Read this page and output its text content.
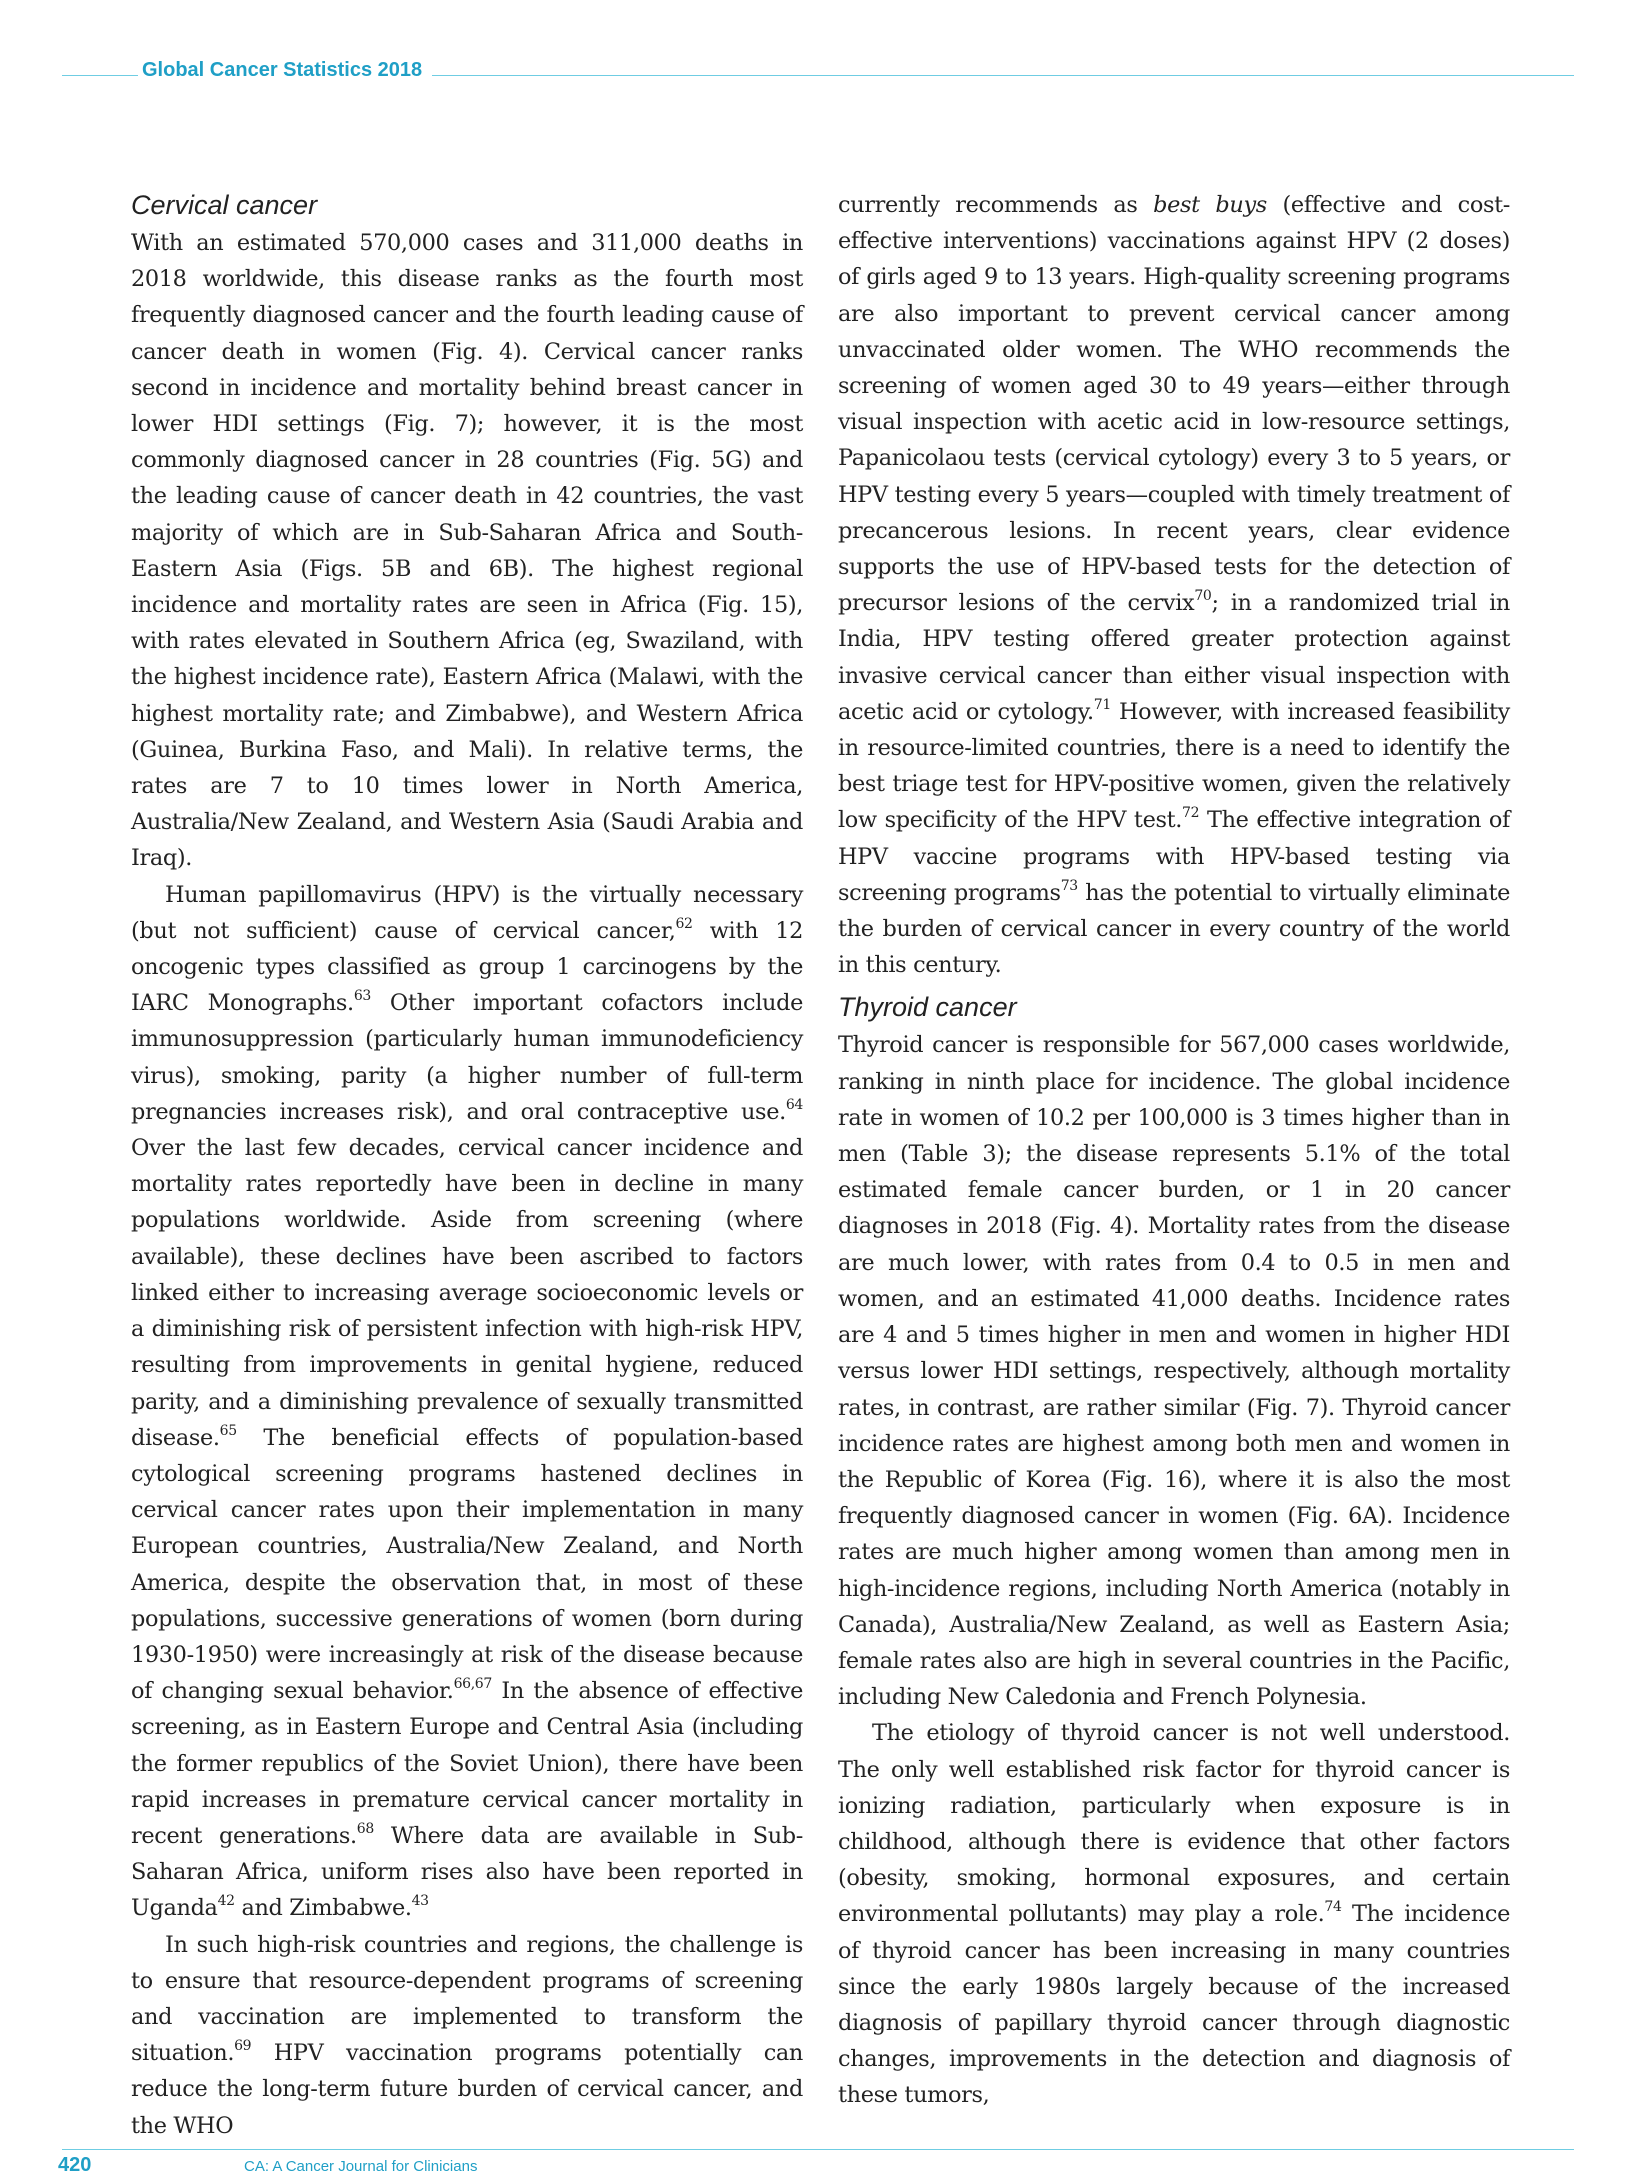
Global Cancer Statistics 2018
Cervical cancer

With an estimated 570,000 cases and 311,000 deaths in 2018 worldwide, this disease ranks as the fourth most frequently diagnosed cancer and the fourth leading cause of cancer death in women (Fig. 4). Cervical cancer ranks second in incidence and mortality behind breast cancer in lower HDI settings (Fig. 7); however, it is the most commonly diagnosed cancer in 28 countries (Fig. 5G) and the leading cause of cancer death in 42 countries, the vast majority of which are in Sub-Saharan Africa and South-Eastern Asia (Figs. 5B and 6B). The highest regional incidence and mortality rates are seen in Africa (Fig. 15), with rates elevated in Southern Africa (eg, Swaziland, with the highest incidence rate), Eastern Africa (Malawi, with the highest mortality rate; and Zimbabwe), and Western Africa (Guinea, Burkina Faso, and Mali). In relative terms, the rates are 7 to 10 times lower in North America, Australia/New Zealand, and Western Asia (Saudi Arabia and Iraq).

Human papillomavirus (HPV) is the virtually necessary (but not sufficient) cause of cervical cancer,$^{62}$ with 12 oncogenic types classified as group 1 carcinogens by the IARC Monographs.$^{63}$ Other important cofactors include immunosuppression (particularly human immunodeficiency virus), smoking, parity (a higher number of full-term pregnancies increases risk), and oral contraceptive use.$^{64}$ Over the last few decades, cervical cancer incidence and mortality rates reportedly have been in decline in many populations worldwide. Aside from screening (where available), these declines have been ascribed to factors linked either to increasing average socioeconomic levels or a diminishing risk of persistent infection with high-risk HPV, resulting from improvements in genital hygiene, reduced parity, and a diminishing prevalence of sexually transmitted disease.$^{65}$ The beneficial effects of population-based cytological screening programs hastened declines in cervical cancer rates upon their implementation in many European countries, Australia/New Zealand, and North America, despite the observation that, in most of these populations, successive generations of women (born during 1930-1950) were increasingly at risk of the disease because of changing sexual behavior.$^{66,67}$ In the absence of effective screening, as in Eastern Europe and Central Asia (including the former republics of the Soviet Union), there have been rapid increases in premature cervical cancer mortality in recent generations.$^{68}$ Where data are available in Sub-Saharan Africa, uniform rises also have been reported in Uganda$^{42}$ and Zimbabwe.$^{43}$

In such high-risk countries and regions, the challenge is to ensure that resource-dependent programs of screening and vaccination are implemented to transform the situation.$^{69}$ HPV vaccination programs potentially can reduce the long-term future burden of cervical cancer, and the WHO

currently recommends as best buys (effective and cost-effective interventions) vaccinations against HPV (2 doses) of girls aged 9 to 13 years. High-quality screening programs are also important to prevent cervical cancer among unvaccinated older women. The WHO recommends the screening of women aged 30 to 49 years—either through visual inspection with acetic acid in low-resource settings, Papanicolaou tests (cervical cytology) every 3 to 5 years, or HPV testing every 5 years—coupled with timely treatment of precancerous lesions. In recent years, clear evidence supports the use of HPV-based tests for the detection of precursor lesions of the cervix$^{70}$; in a randomized trial in India, HPV testing offered greater protection against invasive cervical cancer than either visual inspection with acetic acid or cytology.$^{71}$ However, with increased feasibility in resource-limited countries, there is a need to identify the best triage test for HPV-positive women, given the relatively low specificity of the HPV test.$^{72}$ The effective integration of HPV vaccine programs with HPV-based testing via screening programs$^{73}$ has the potential to virtually eliminate the burden of cervical cancer in every country of the world in this century.

Thyroid cancer

Thyroid cancer is responsible for 567,000 cases worldwide, ranking in ninth place for incidence. The global incidence rate in women of 10.2 per 100,000 is 3 times higher than in men (Table 3); the disease represents 5.1% of the total estimated female cancer burden, or 1 in 20 cancer diagnoses in 2018 (Fig. 4). Mortality rates from the disease are much lower, with rates from 0.4 to 0.5 in men and women, and an estimated 41,000 deaths. Incidence rates are 4 and 5 times higher in men and women in higher HDI versus lower HDI settings, respectively, although mortality rates, in contrast, are rather similar (Fig. 7). Thyroid cancer incidence rates are highest among both men and women in the Republic of Korea (Fig. 16), where it is also the most frequently diagnosed cancer in women (Fig. 6A). Incidence rates are much higher among women than among men in high-incidence regions, including North America (notably in Canada), Australia/New Zealand, as well as Eastern Asia; female rates also are high in several countries in the Pacific, including New Caledonia and French Polynesia.

The etiology of thyroid cancer is not well understood. The only well established risk factor for thyroid cancer is ionizing radiation, particularly when exposure is in childhood, although there is evidence that other factors (obesity, smoking, hormonal exposures, and certain environmental pollutants) may play a role.$^{74}$ The incidence of thyroid cancer has been increasing in many countries since the early 1980s largely because of the increased diagnosis of papillary thyroid cancer through diagnostic changes, improvements in the detection and diagnosis of these tumors,

420	CA: A Cancer Journal for Clinicians
